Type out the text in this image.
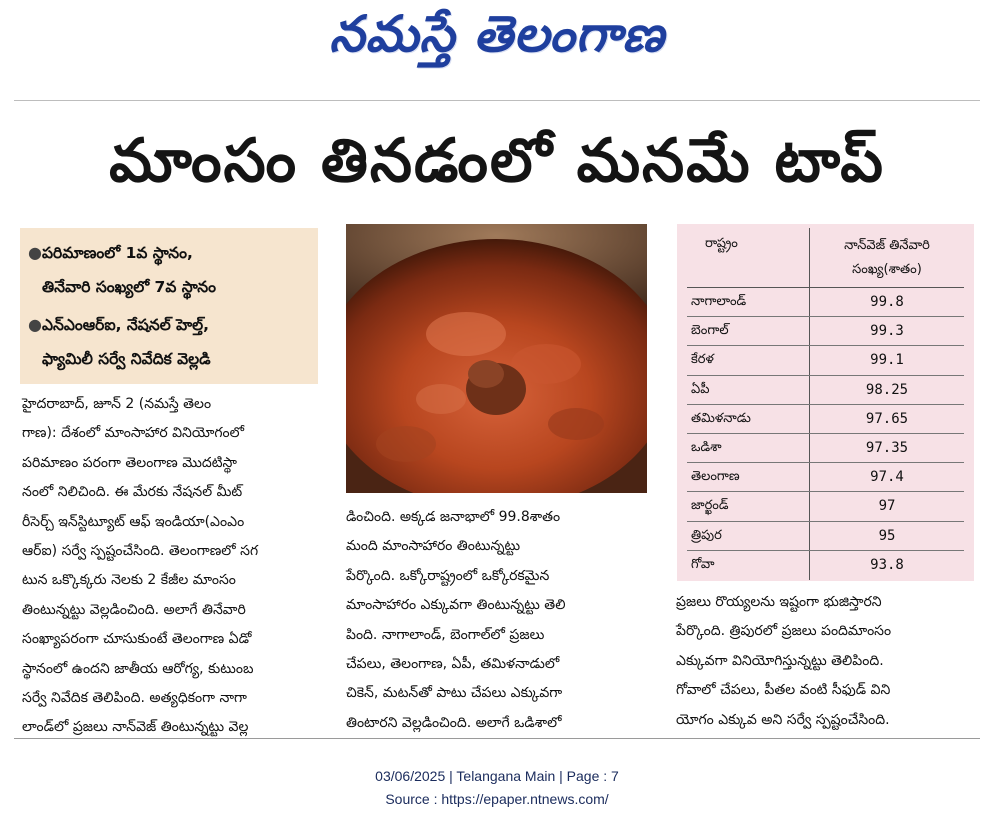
నమస్తే తెలంగాణ
మాంసం తినడంలో మనమే టాప్
● పరిమాణంలో 1వ స్థానం,
తినేవారి సంఖ్యలో 7వ స్థానం
● ఎన్‌ఎంఆర్‌ఐ, నేషనల్ హెల్త్,
ఫ్యామిలీ సర్వే నివేదిక వెల్లడి
హైదరాబాద్, జూన్ 2 (నమస్తే తెలం
గాణ): దేశంలో మాంసాహార వినియోగంలో
పరిమాణం పరంగా తెలంగాణ మొదటిస్థా
నంలో నిలిచింది. ఈ మేరకు నేషనల్ మీట్
రీసెర్చ్ ఇన్‌స్టిట్యూట్ ఆఫ్ ఇండియా(ఎంఎం
ఆర్‌ఐ) సర్వే స్పష్టంచేసింది. తెలంగాణలో సగ
టున ఒక్కొక్కరు నెలకు 2 కేజీల మాంసం
తింటున్నట్టు వెల్లడించింది. అలాగే తినేవారి
సంఖ్యాపరంగా చూసుకుంటే తెలంగాణ ఏడో
స్థానంలో ఉందని జాతీయ ఆరోగ్య, కుటుంబ
సర్వే నివేదిక తెలిపింది. అత్యధికంగా నాగా
లాండ్‌లో ప్రజలు నాన్‌వెజ్ తింటున్నట్టు వెల్ల
డించింది. అక్కడ జనాభాలో 99.8శాతం
మంది మాంసాహారం తింటున్నట్టు
పేర్కొంది. ఒక్కోరాష్ట్రంలో ఒక్కోరకమైన
మాంసాహారం ఎక్కువగా తింటున్నట్టు తెలి
పింది. నాగాలాండ్, బెంగాల్‌లో ప్రజలు
చేపలు, తెలంగాణ, ఏపీ, తమిళనాడులో
చికెన్, మటన్‌తో పాటు చేపలు ఎక్కువగా
తింటారని వెల్లడించింది. అలాగే ఒడిశాలో
రాష్ట్రం	నాన్‌వెజ్ తినేవారి
సంఖ్య(శాతం)
నాగాలాండ్	99.8
బెంగాల్	99.3
కేరళ	99.1
ఏపీ	98.25
తమిళనాడు	97.65
ఒడిశా	97.35
తెలంగాణ	97.4
జార్ఖండ్	97
త్రిపుర	95
గోవా	93.8
ప్రజలు రొయ్యలను ఇష్టంగా భుజిస్తారని
పేర్కొంది. త్రిపురలో ప్రజలు పందిమాంసం
ఎక్కువగా వినియోగిస్తున్నట్టు తెలిపింది.
గోవాలో చేపలు, పీతల వంటి సీఫుడ్ విని
యోగం ఎక్కువ అని సర్వే స్పష్టంచేసింది.
03/06/2025 | Telangana Main | Page : 7
Source : https://epaper.ntnews.com/
